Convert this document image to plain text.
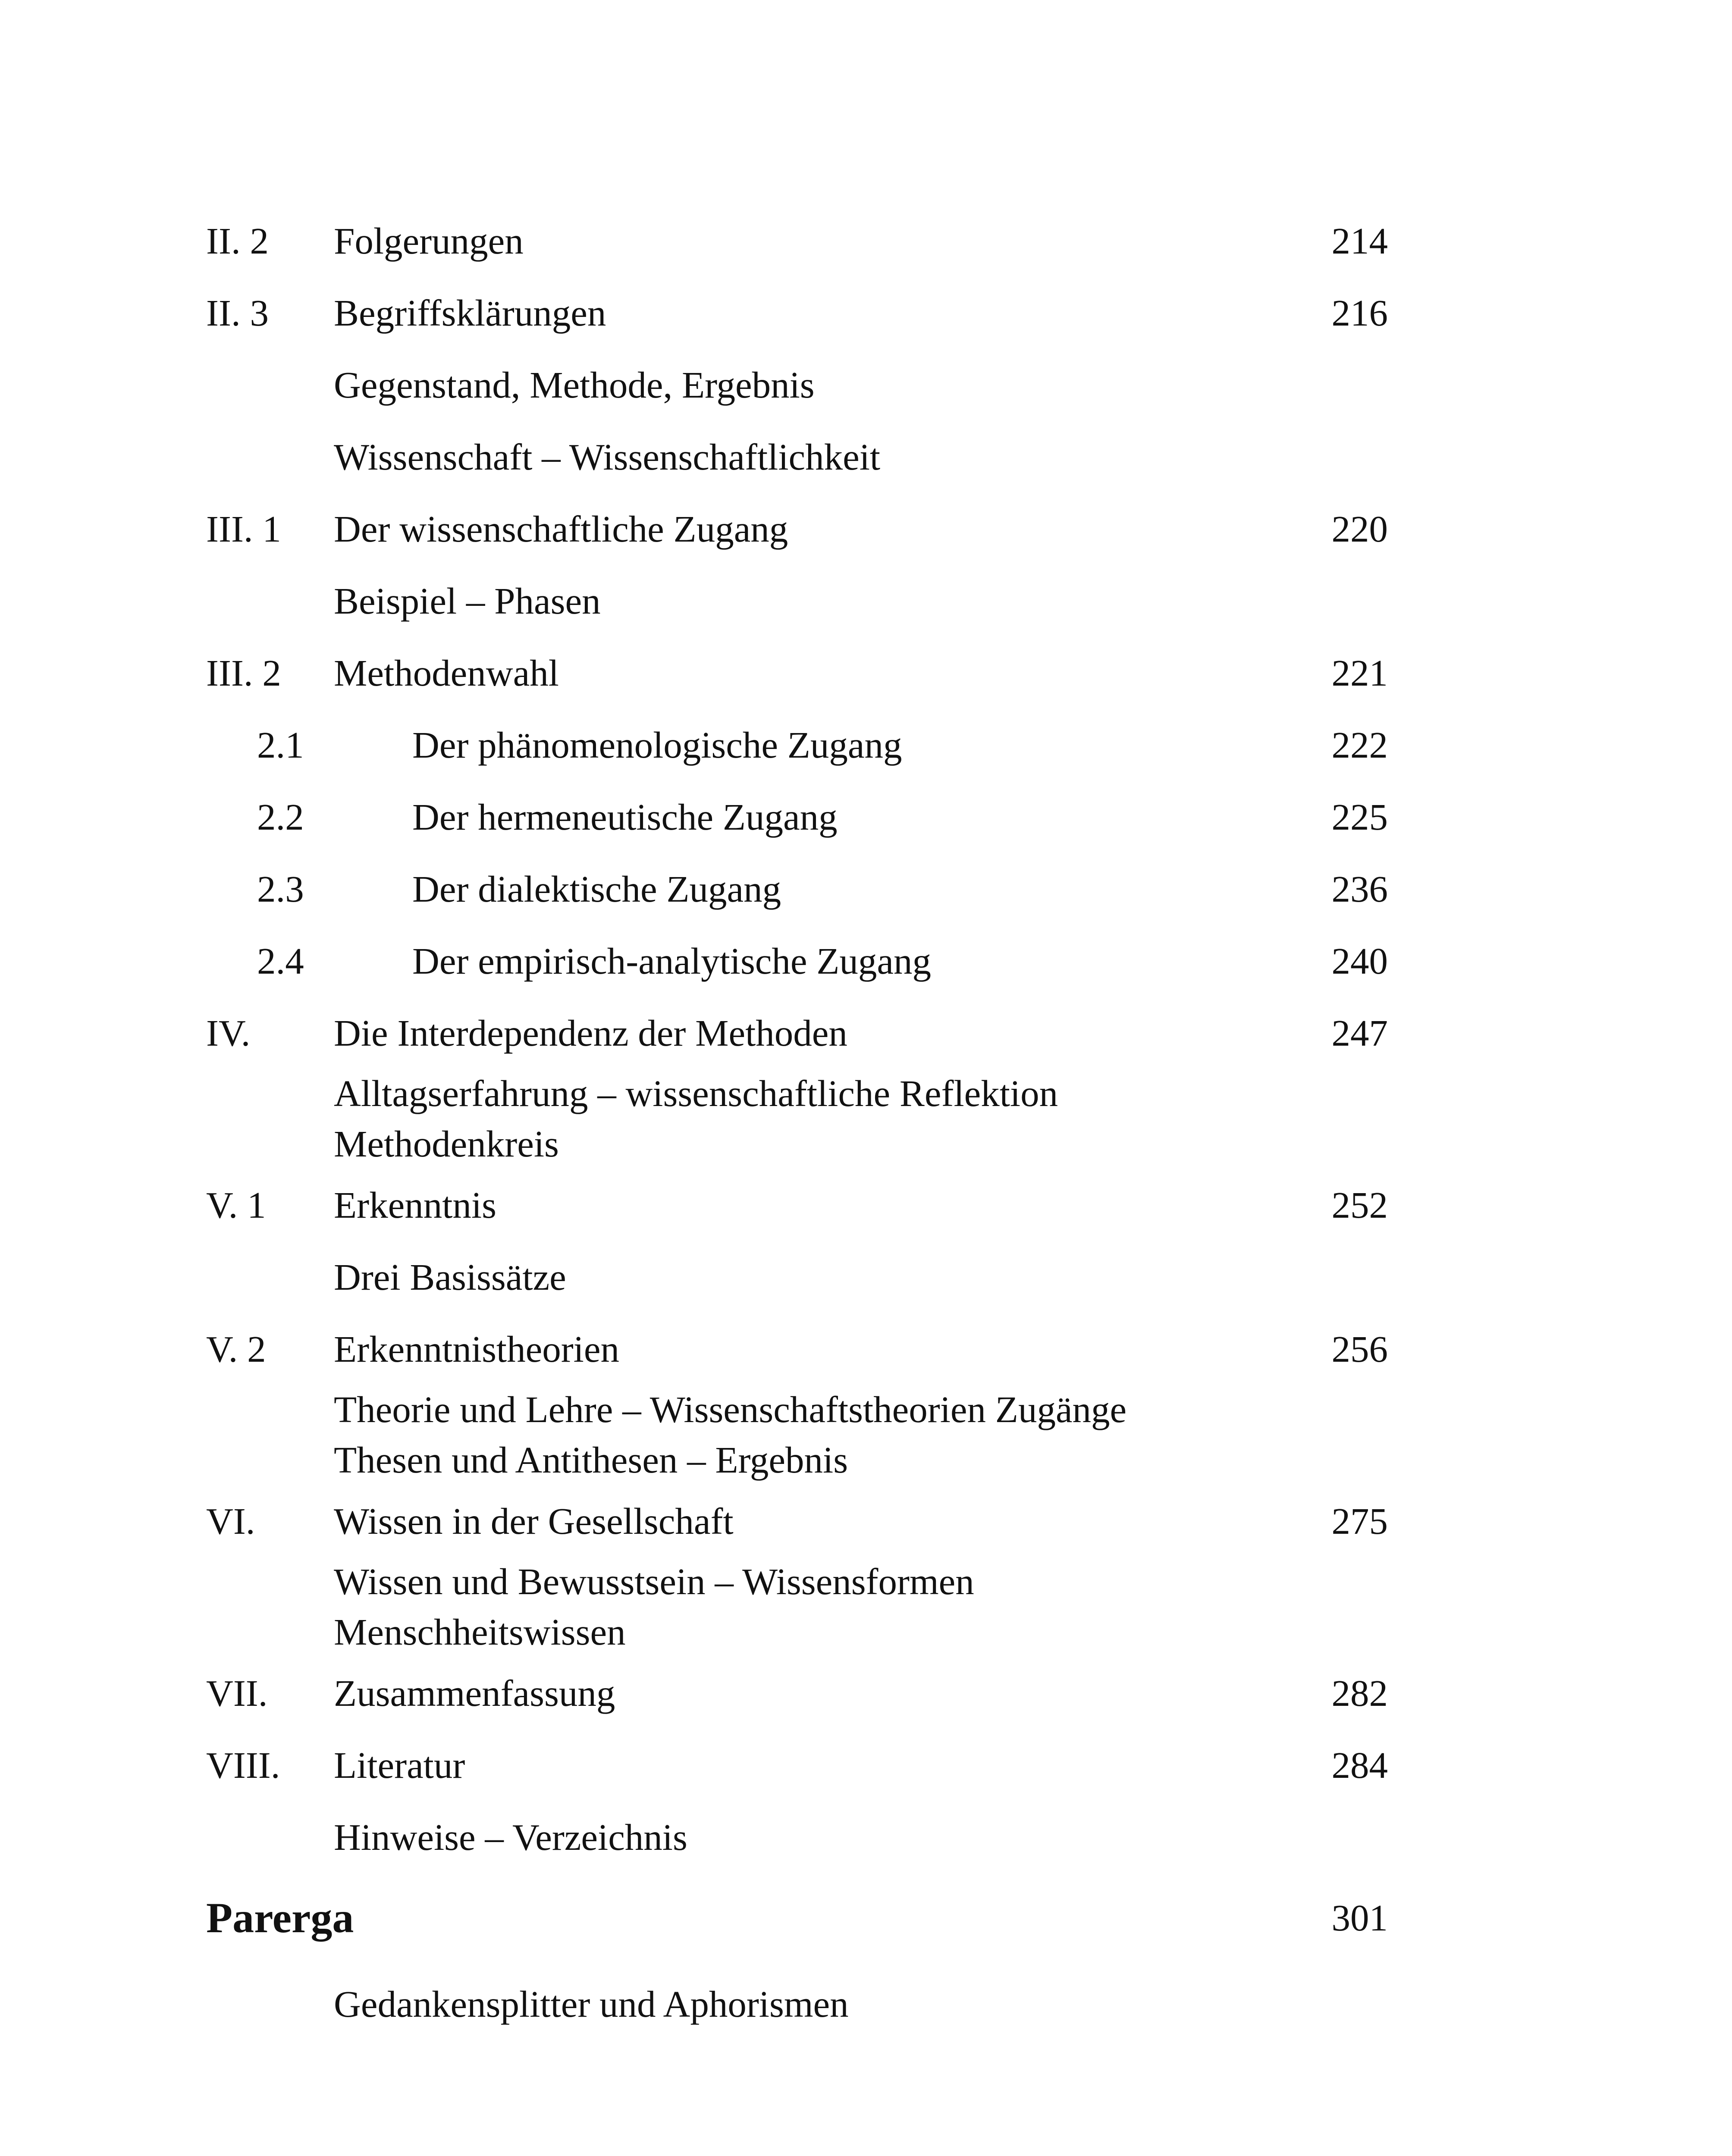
II. 2 Folgerungen	214
II. 3 Begriffsklärungen	216
Gegenstand, Methode, Ergebnis
Wissenschaft – Wissenschaftlichkeit
III. 1 Der wissenschaftliche Zugang	220
Beispiel – Phasen
III. 2 Methodenwahl	221
2.1	Der phänomenologische Zugang	222
2.2	Der hermeneutische Zugang	225
2.3	Der dialektische Zugang	236
2.4	Der empirisch-analytische Zugang	240
IV. Die Interdependenz der Methoden	247
Alltagserfahrung – wissenschaftliche Reflektion
Methodenkreis
V. 1 Erkenntnis	252
Drei Basissätze
V. 2 Erkenntnistheorien	256
Theorie und Lehre – Wissenschaftstheorien Zugänge
Thesen und Antithesen – Ergebnis
VI. Wissen in der Gesellschaft	275
Wissen und Bewusstsein – Wissensformen
Menschheitswissen
VII. Zusammenfassung	282
VIII. Literatur	284
Hinweise – Verzeichnis
Parerga	301
Gedankensplitter und Aphorismen
